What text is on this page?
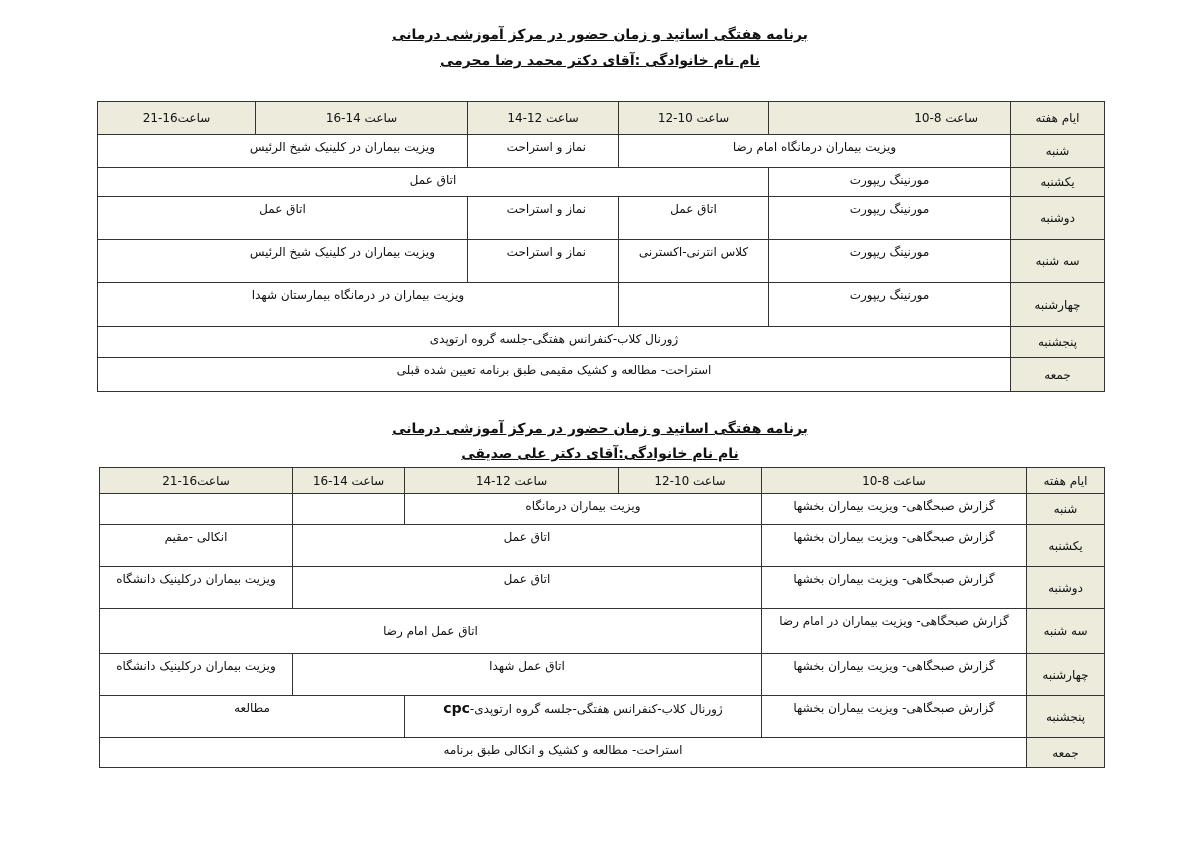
برنامه هفتگی اساتید و زمان حضور در مرکز آموزشی درمانی
نام نام خانوادگی :آقای دکتر محمد رضا محرمی
ایام هفته	ساعت 8-10	ساعت 10-12	ساعت 12-14	ساعت 14-16	ساعت16-21
شنبه	ویزیت بیماران درمانگاه امام رضا		نماز و استراحت	ویزیت بیماران در کلینیک شیخ الرئیس	

یکشنبه	مورنینگ ریپورت	اتاق عمل			
دوشنبه	مورنینگ ریپورت	اتاق عمل	نماز و استراحت	اتاق عمل	
سه شنبه	مورنینگ ریپورت	کلاس انترنی-اکسترنی	نماز و استراحت	ویزیت بیماران در کلینیک شیخ الرئیس	

چهارشنبه	مورنینگ ریپورت		ویزیت بیماران در درمانگاه بیمارستان شهدا		
پنجشنبه	ژورنال کلاب-کنفرانس هفتگی-جلسه گروه ارتوپدی				
جمعه	استراحت- مطالعه و کشیک مقیمی طبق برنامه تعیین شده قبلی				
برنامه هفتگی اساتید و زمان حضور در مرکز آموزشی درمانی
نام نام خانوادگی:آقای دکتر علی صدیقی
ایام هفته	ساعت 8-10	ساعت 10-12	ساعت 12-14	ساعت 14-16	ساعت16-21
شنبه	گزارش صبحگاهی- ویزیت بیماران بخشها	ویزیت بیماران درمانگاه			
یکشنبه	گزارش صبحگاهی- ویزیت بیماران بخشها	اتاق عمل			انکالی -مقیم
دوشنبه	گزارش صبحگاهی- ویزیت بیماران بخشها	اتاق عمل			ویزیت بیماران درکلینیک دانشگاه
سه شنبه	گزارش صبحگاهی- ویزیت بیماران در امام رضا	اتاق عمل امام رضا			
چهارشنبه	گزارش صبحگاهی- ویزیت بیماران بخشها	اتاق عمل شهدا			ویزیت بیماران درکلینیک دانشگاه
پنجشنبه	گزارش صبحگاهی- ویزیت بیماران بخشها	ژورنال کلاب-کنفرانس هفتگی-جلسه گروه ارتوپدی-cpc		مطالعه	
جمعه	استراحت- مطالعه و کشیک و انکالی طبق برنامه				
